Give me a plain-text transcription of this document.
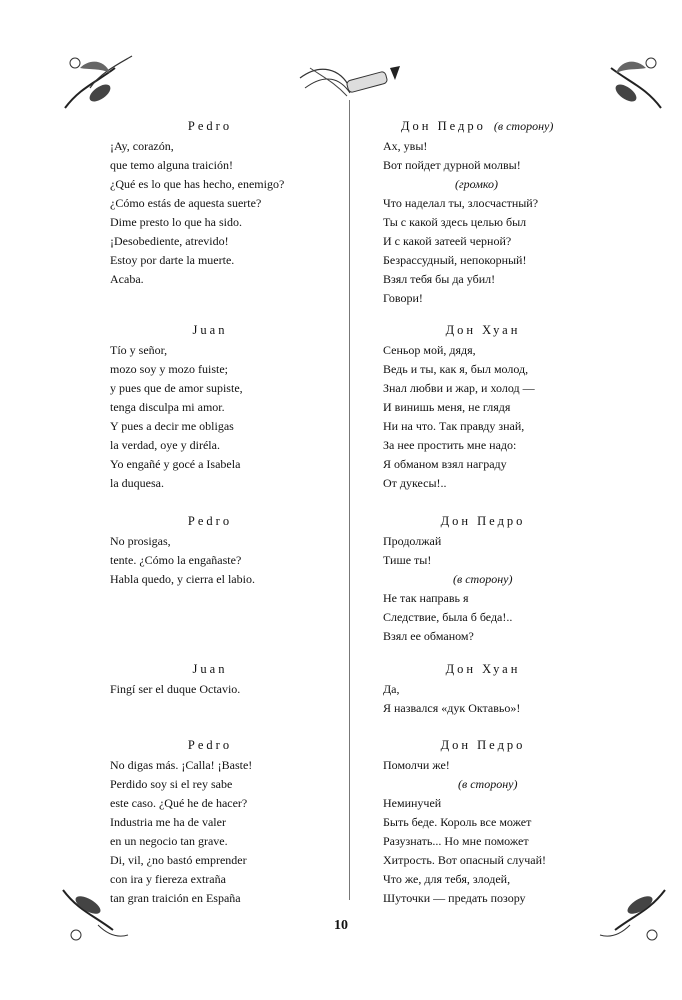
Pedro
¡Ay, corazón,
que temo alguna traición!
¿Qué es lo que has hecho, enemigo?
¿Cómo estás de aquesta suerte?
Dime presto lo que ha sido.
¡Desobediente, atrevido!
Estoy por darte la muerte.
Acaba.
Juan
Tío y señor,
mozo soy y mozo fuiste;
y pues que de amor supiste,
tenga disculpa mi amor.
Y pues a decir me obligas
la verdad, oye y diréla.
Yo engañé y gocé a Isabela
la duquesa.
Pedro
No prosigas,
tente. ¿Cómo la engañaste?
Habla quedo, y cierra el labio.
Juan
Fingí ser el duque Octavio.
Pedro
No digas más. ¡Calla! ¡Baste!
Perdido soy si el rey sabe
este caso. ¿Qué he de hacer?
Industria me ha de valer
en un negocio tan grave.
Di, vil, ¿no bastó emprender
con ira y fiereza extraña
tan gran traición en España
Дон Педро (в сторону)
Ах, увы!
Вот пойдет дурной молвы!
(громко)
Что наделал ты, злосчастный?
Ты с какой здесь целью был
И с какой затеей черной?
Безрассудный, непокорный!
Взял тебя бы да убил!
Говори!
Дон Хуан
Сеньор мой, дядя,
Ведь и ты, как я, был молод,
Знал любви и жар, и холод —
И винишь меня, не глядя
Ни на что. Так правду знай,
За нее простить мне надо:
Я обманом взял награду
От дукесы!..
Дон Педро
Продолжай
Тише ты!
(в сторону)
Не так направь я
Следствие, была б беда!..
Взял ее обманом?
Дон Хуан
Да,
Я назвался «дук Октавьо»!
Дон Педро
Помолчи же!
(в сторону)
Неминучей
Быть беде. Король все может
Разузнать... Но мне поможет
Хитрость. Вот опасный случай!
Что же, для тебя, злодей,
Шуточки — предать позору
10
